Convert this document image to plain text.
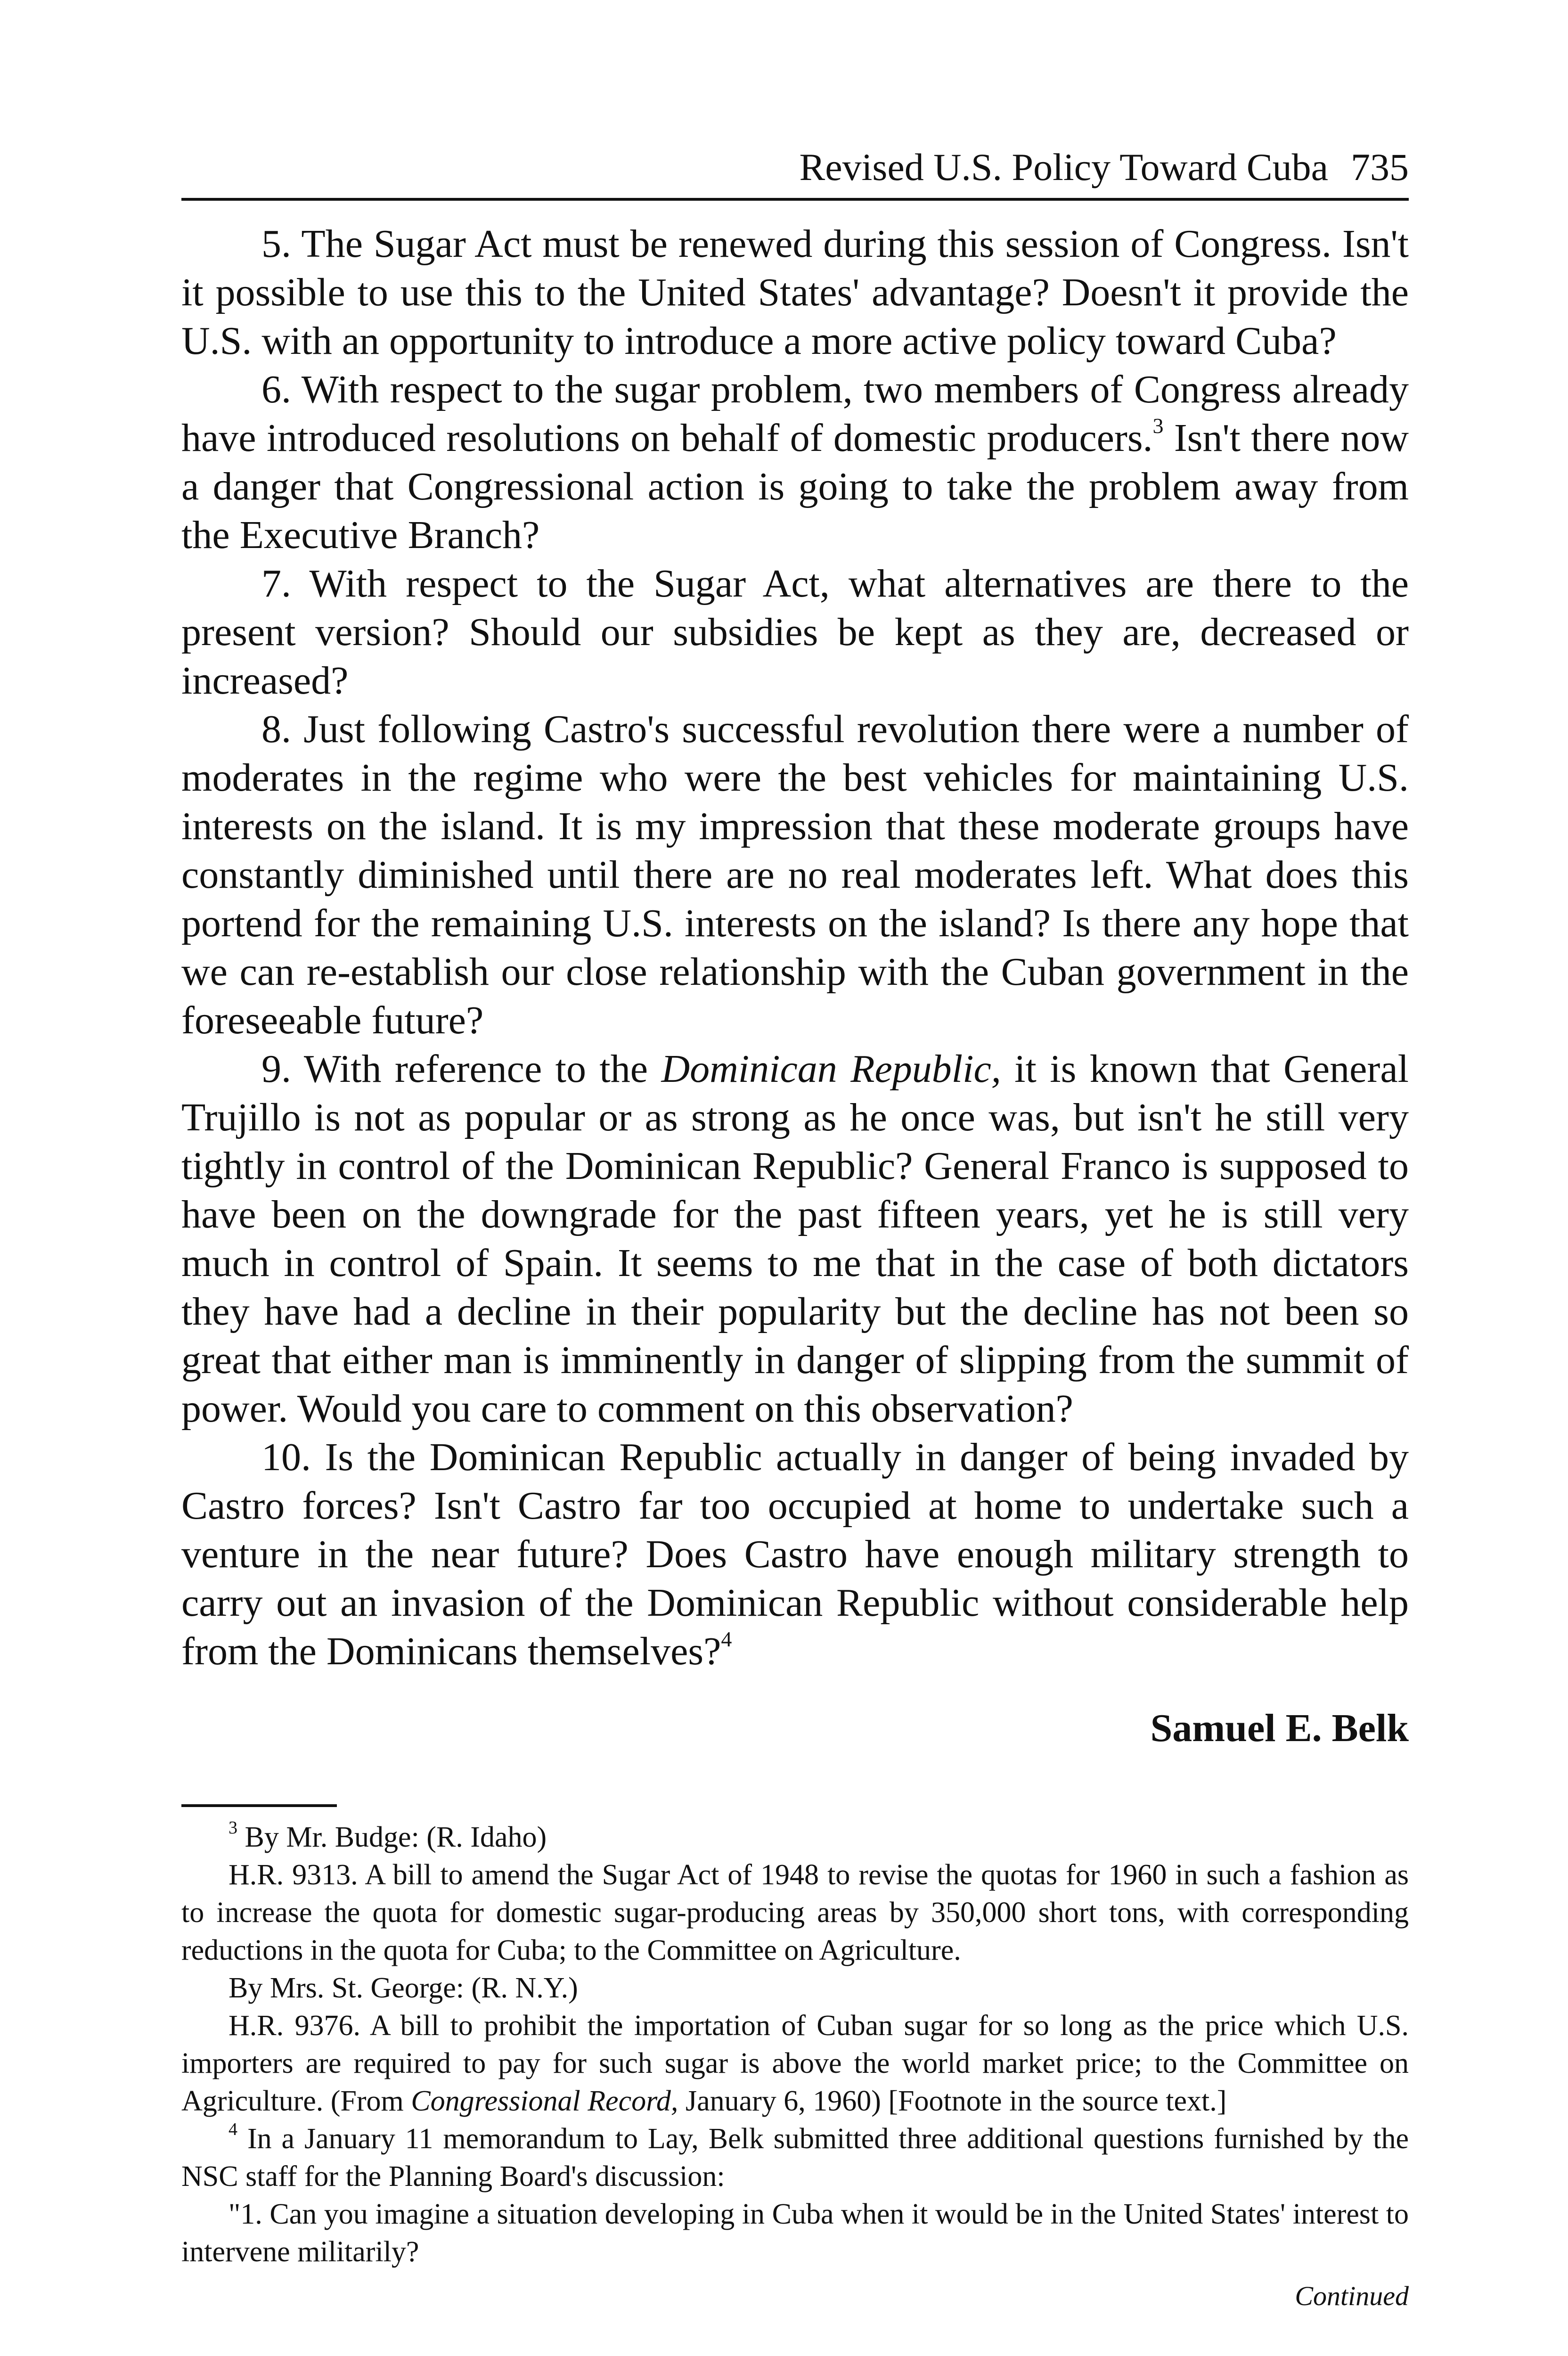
Revised U.S. Policy Toward Cuba 735

5. The Sugar Act must be renewed during this session of Congress. Isn't it possible to use this to the United States' advantage? Doesn't it provide the U.S. with an opportunity to introduce a more active policy toward Cuba?

6. With respect to the sugar problem, two members of Congress already have introduced resolutions on behalf of domestic producers.$^3$ Isn't there now a danger that Congressional action is going to take the problem away from the Executive Branch?

7. With respect to the Sugar Act, what alternatives are there to the present version? Should our subsidies be kept as they are, decreased or increased?

8. Just following Castro's successful revolution there were a number of moderates in the regime who were the best vehicles for maintaining U.S. interests on the island. It is my impression that these moderate groups have constantly diminished until there are no real moderates left. What does this portend for the remaining U.S. interests on the island? Is there any hope that we can re-establish our close relationship with the Cuban government in the foreseeable future?

9. With reference to the Dominican Republic, it is known that General Trujillo is not as popular or as strong as he once was, but isn't he still very tightly in control of the Dominican Republic? General Franco is supposed to have been on the downgrade for the past fifteen years, yet he is still very much in control of Spain. It seems to me that in the case of both dictators they have had a decline in their popularity but the decline has not been so great that either man is imminently in danger of slipping from the summit of power. Would you care to comment on this observation?

10. Is the Dominican Republic actually in danger of being invaded by Castro forces? Isn't Castro far too occupied at home to undertake such a venture in the near future? Does Castro have enough military strength to carry out an invasion of the Dominican Republic without considerable help from the Dominicans themselves?$^4$

Samuel E. Belk

$^3$ By Mr. Budge: (R. Idaho)

H.R. 9313. A bill to amend the Sugar Act of 1948 to revise the quotas for 1960 in such a fashion as to increase the quota for domestic sugar-producing areas by 350,000 short tons, with corresponding reductions in the quota for Cuba; to the Committee on Agriculture.

By Mrs. St. George: (R. N.Y.)

H.R. 9376. A bill to prohibit the importation of Cuban sugar for so long as the price which U.S. importers are required to pay for such sugar is above the world market price; to the Committee on Agriculture. (From Congressional Record, January 6, 1960) [Footnote in the source text.]

$^4$ In a January 11 memorandum to Lay, Belk submitted three additional questions furnished by the NSC staff for the Planning Board's discussion:

"1. Can you imagine a situation developing in Cuba when it would be in the United States' interest to intervene militarily?

Continued
